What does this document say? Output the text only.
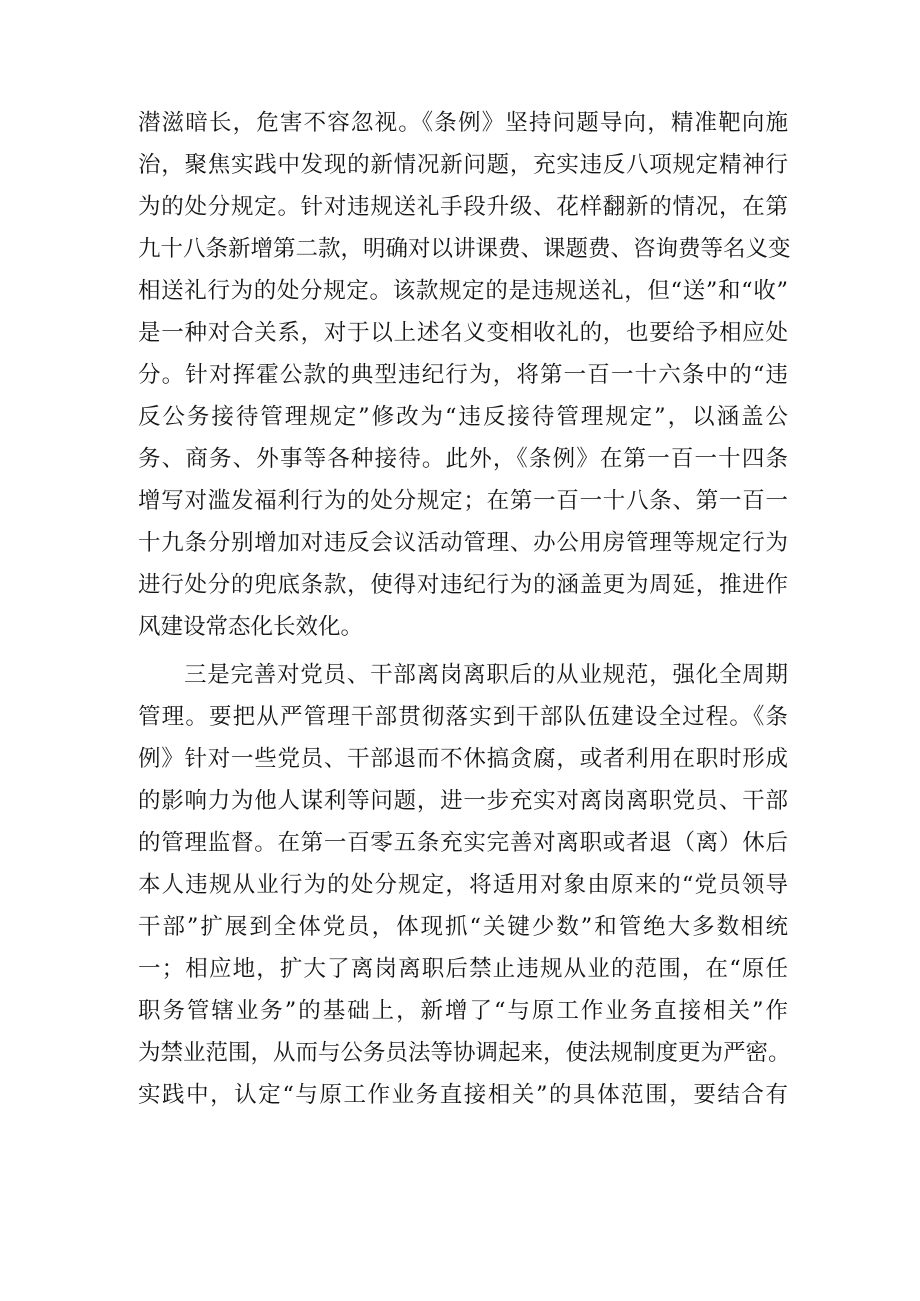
潜滋暗长，危害不容忽视。《条例》坚持问题导向，精准靶向施
治，聚焦实践中发现的新情况新问题，充实违反八项规定精神行
为的处分规定。针对违规送礼手段升级、花样翻新的情况，在第
九十八条新增第二款，明确对以讲课费、课题费、咨询费等名义变
相送礼行为的处分规定。该款规定的是违规送礼，但“送”和“收”
是一种对合关系，对于以上述名义变相收礼的，也要给予相应处
分。针对挥霍公款的典型违纪行为，将第一百一十六条中的“违
反公务接待管理规定”修改为“违反接待管理规定”，以涵盖公
务、商务、外事等各种接待。此外，《条例》在第一百一十四条
增写对滥发福利行为的处分规定；在第一百一十八条、第一百一
十九条分别增加对违反会议活动管理、办公用房管理等规定行为
进行处分的兜底条款，使得对违纪行为的涵盖更为周延，推进作
风建设常态化长效化。
三是完善对党员、干部离岗离职后的从业规范，强化全周期
管理。要把从严管理干部贯彻落实到干部队伍建设全过程。《条
例》针对一些党员、干部退而不休搞贪腐，或者利用在职时形成
的影响力为他人谋利等问题，进一步充实对离岗离职党员、干部
的管理监督。在第一百零五条充实完善对离职或者退（离）休后
本人违规从业行为的处分规定，将适用对象由原来的“党员领导
干部”扩展到全体党员，体现抓“关键少数”和管绝大多数相统
一；相应地，扩大了离岗离职后禁止违规从业的范围，在“原任
职务管辖业务”的基础上，新增了“与原工作业务直接相关”作
为禁业范围，从而与公务员法等协调起来，使法规制度更为严密。
实践中，认定“与原工作业务直接相关”的具体范围，要结合有
